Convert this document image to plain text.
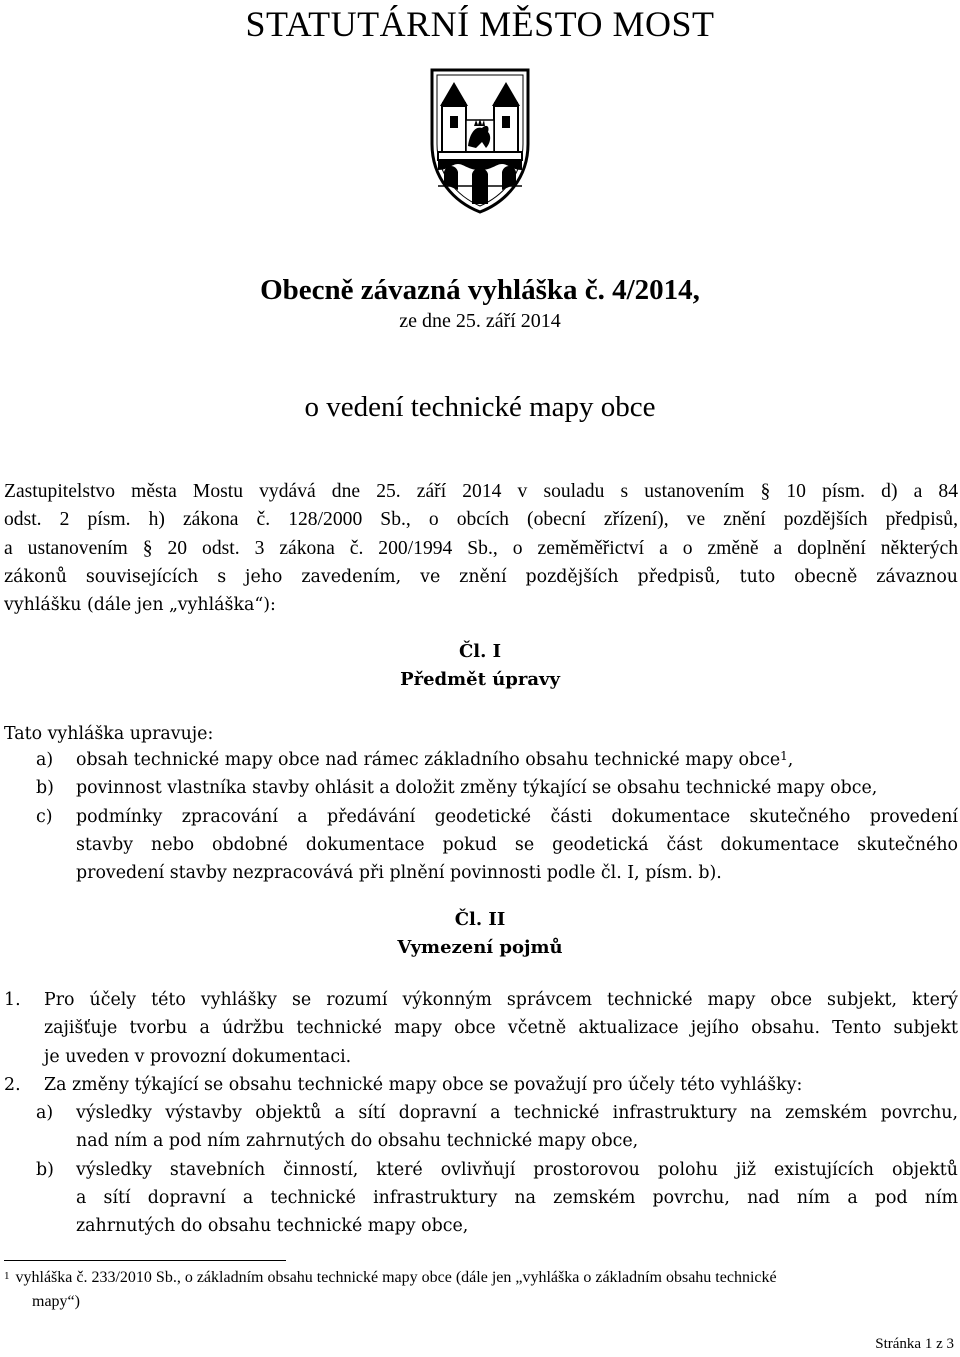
STATUTÁRNÍ MĚSTO MOST
Obecně závazná vyhláška č. 4/2014,
ze dne 25. září 2014
o vedení technické mapy obce
Zastupitelstvo města Mostu vydává dne 25. září 2014 v souladu s ustanovením § 10 písm. d) a 84
odst. 2 písm. h) zákona č. 128/2000 Sb., o obcích (obecní zřízení), ve znění pozdějších předpisů,
a ustanovením § 20 odst. 3 zákona č. 200/1994 Sb., o zeměměřictví a o změně a doplnění některých
zákonů souvisejících s jeho zavedením, ve znění pozdějších předpisů, tuto obecně závaznou
vyhlášku (dále jen „vyhláška“):
Čl. I
Předmět úpravy
Tato vyhláška upravuje:
a) obsah technické mapy obce nad rámec základního obsahu technické mapy obce$^1$,
b) povinnost vlastníka stavby ohlásit a doložit změny týkající se obsahu technické mapy obce,
c) podmínky zpracování a předávání geodetické části dokumentace skutečného provedení
stavby nebo obdobné dokumentace pokud se geodetická část dokumentace skutečného
provedení stavby nezpracovává při plnění povinnosti podle čl. I, písm. b).
Čl. II
Vymezení pojmů
1. Pro účely této vyhlášky se rozumí výkonným správcem technické mapy obce subjekt, který
zajišťuje tvorbu a údržbu technické mapy obce včetně aktualizace jejího obsahu. Tento subjekt
je uveden v provozní dokumentaci.
2. Za změny týkající se obsahu technické mapy obce se považují pro účely této vyhlášky:
a) výsledky výstavby objektů a sítí dopravní a technické infrastruktury na zemském povrchu,
nad ním a pod ním zahrnutých do obsahu technické mapy obce,
b) výsledky stavebních činností, které ovlivňují prostorovou polohu již existujících objektů
a sítí dopravní a technické infrastruktury na zemském povrchu, nad ním a pod ním
zahrnutých do obsahu technické mapy obce,
$^1$ vyhláška č. 233/2010 Sb., o základním obsahu technické mapy obce (dále jen „vyhláška o základním obsahu technické
mapy“)
Stránka 1 z 3
